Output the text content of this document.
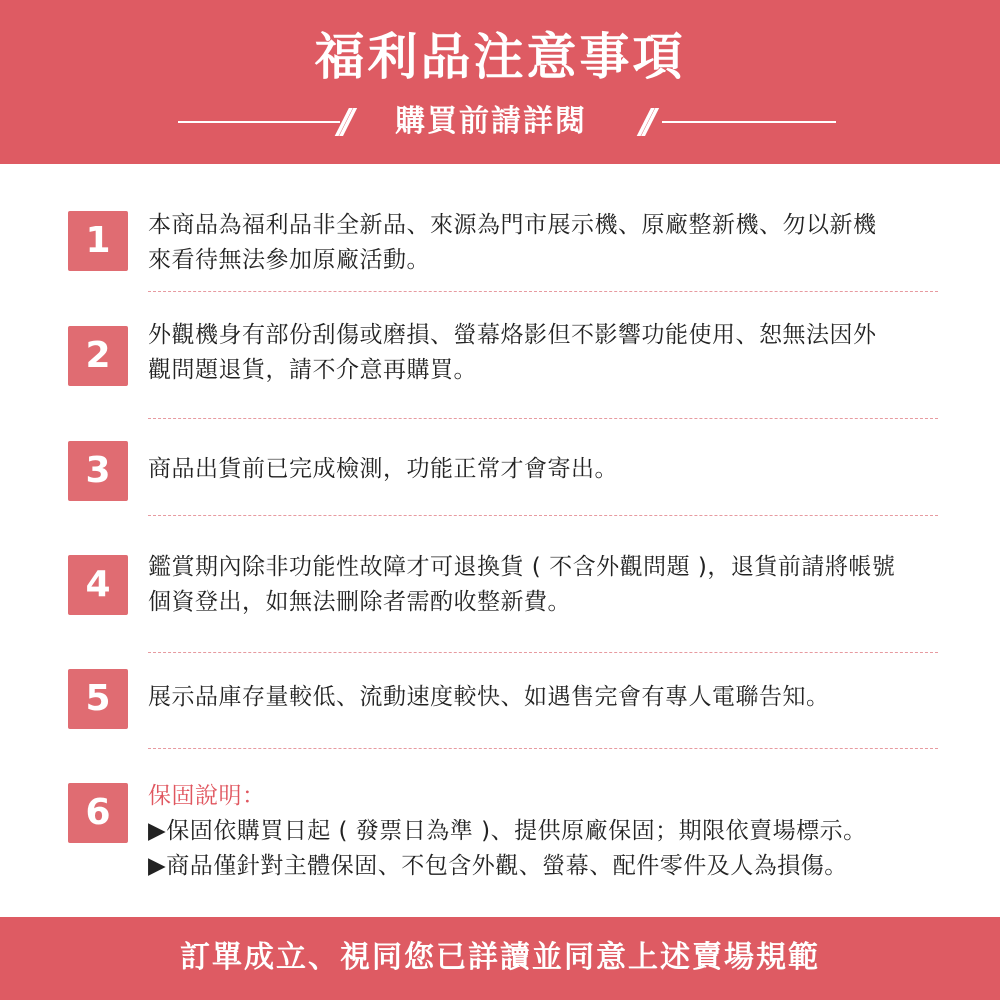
福利品注意事項
// 購買前請詳閱 //
1	本商品為福利品非全新品、來源為門市展示機、原廠整新機、勿以新機

來看待無法參加原廠活動。

2	外觀機身有部份刮傷或磨損、螢幕烙影但不影響功能使用、恕無法因外

觀問題退貨，請不介意再購買。

3	商品出貨前已完成檢測，功能正常才會寄出。

4	鑑賞期內除非功能性故障才可退換貨 ( 不含外觀問題 )，退貨前請將帳號

個資登出，如無法刪除者需酌收整新費。

5	展示品庫存量較低、流動速度較快、如遇售完會有專人電聯告知。

6	保固說明：

▶保固依購買日起 ( 發票日為準 )、提供原廠保固；期限依賣場標示。

▶商品僅針對主體保固、不包含外觀、螢幕、配件零件及人為損傷。

訂單成立、視同您已詳讀並同意上述賣場規範
